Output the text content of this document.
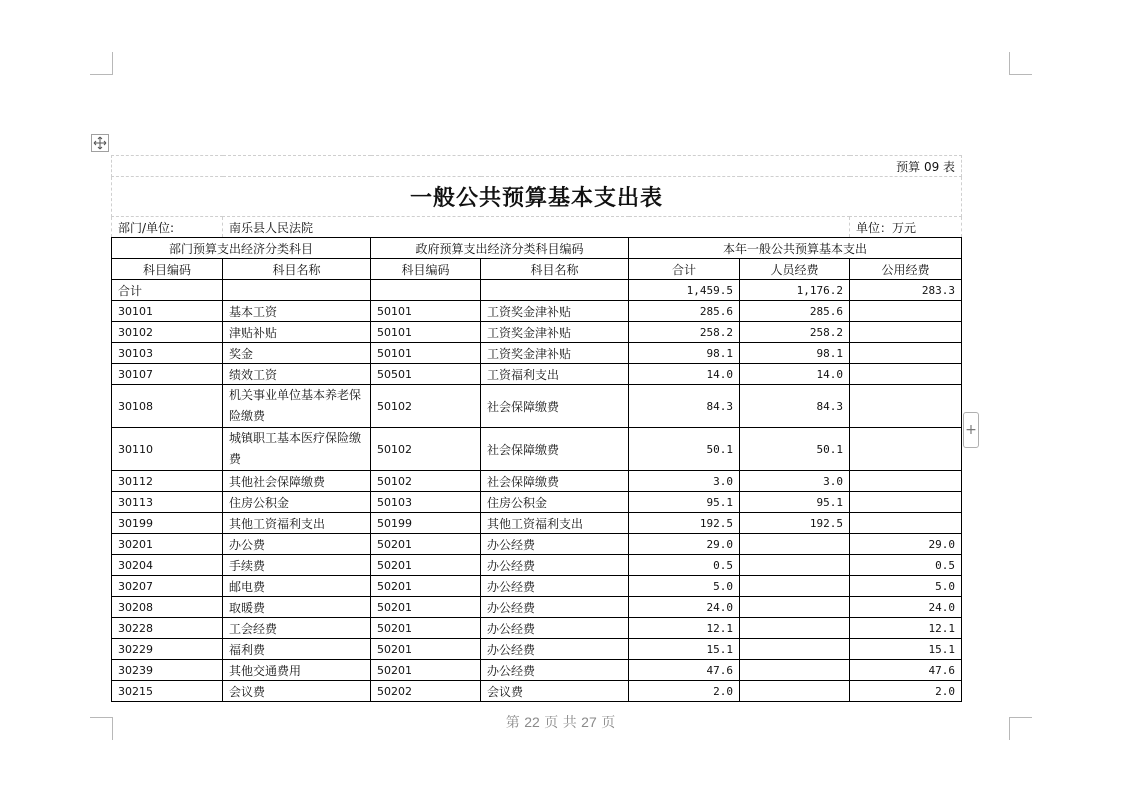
+
预算 09 表						
一般公共预算基本支出表						
部门/单位:	南乐县人民法院					单位：万元
部门预算支出经济分类科目		政府预算支出经济分类科目编码		本年一般公共预算基本支出		
科目编码	科目名称	科目编码	科目名称	合计	人员经费	公用经费
合计				1,459.5	1,176.2	283.3
30101	基本工资	50101	工资奖金津补贴	285.6	285.6	
30102	津贴补贴	50101	工资奖金津补贴	258.2	258.2	
30103	奖金	50101	工资奖金津补贴	98.1	98.1	
30107	绩效工资	50501	工资福利支出	14.0	14.0	
30108	机关事业单位基本养老保险缴费	50102	社会保障缴费	84.3	84.3	
30110	城镇职工基本医疗保险缴费	50102	社会保障缴费	50.1	50.1	
30112	其他社会保障缴费	50102	社会保障缴费	3.0	3.0	
30113	住房公积金	50103	住房公积金	95.1	95.1	
30199	其他工资福利支出	50199	其他工资福利支出	192.5	192.5	
30201	办公费	50201	办公经费	29.0		29.0
30204	手续费	50201	办公经费	0.5		0.5
30207	邮电费	50201	办公经费	5.0		5.0
30208	取暖费	50201	办公经费	24.0		24.0
30228	工会经费	50201	办公经费	12.1		12.1
30229	福利费	50201	办公经费	15.1		15.1
30239	其他交通费用	50201	办公经费	47.6		47.6
30215	会议费	50202	会议费	2.0		2.0
第 22 页 共 27 页
